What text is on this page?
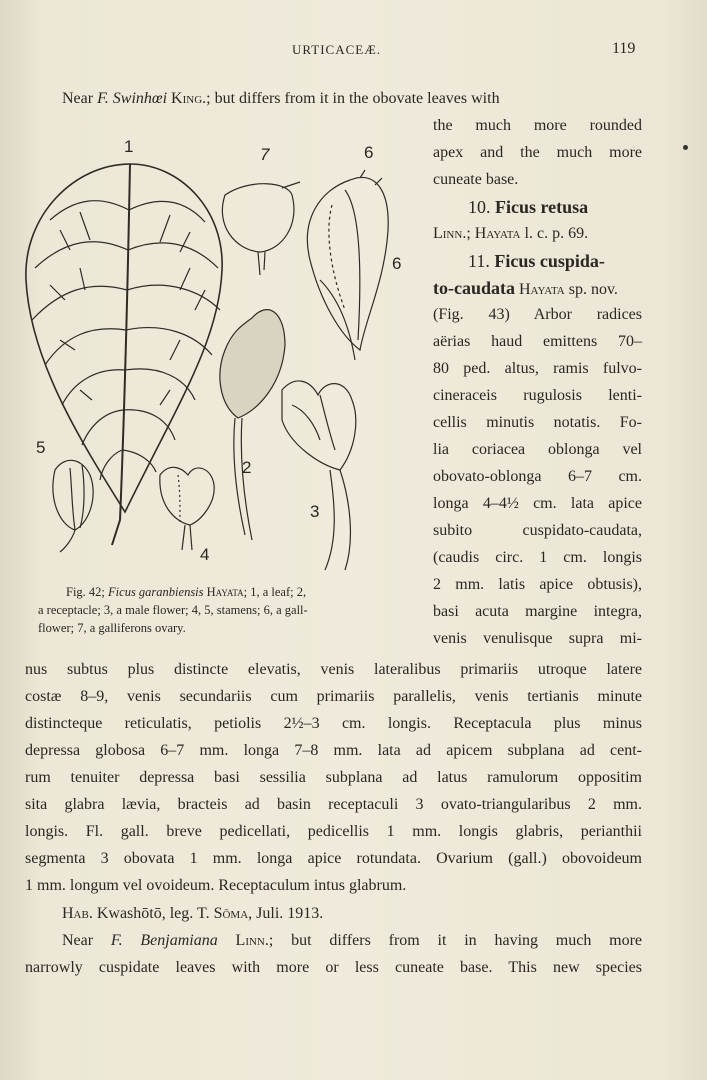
URTICACEÆ.	119
Near F. Swinhœi King.; but differs from it in the obovate leaves with
the much more rounded
apex and the much more
cuneate base.
10. Ficus retusa
Linn.; Hayata l. c. p. 69.
11. Ficus cuspida-
to-caudata Hayata sp. nov.
(Fig. 43) Arbor radices
aërias haud emittens 70–
80 ped. altus, ramis fulvo-
cineraceis rugulosis lenti-
cellis minutis notatis. Fo-
lia coriacea oblonga vel
obovato-oblonga 6–7 cm.
longa 4–4½ cm. lata apice
subito cuspidato-caudata,
(caudis circ. 1 cm. longis
2 mm. latis apice obtusis),
basi acuta margine integra,
venis venulisque supra mi-
nus subtus plus distincte elevatis, venis lateralibus primariis utroque latere
costæ 8–9, venis secundariis cum primariis parallelis, venis tertianis minute
distincteque reticulatis, petiolis 2½–3 cm. longis. Receptacula plus minus
depressa globosa 6–7 mm. longa 7–8 mm. lata ad apicem subplana ad cent-
rum tenuiter depressa basi sessilia subplana ad latus ramulorum oppositim
sita glabra lævia, bracteis ad basin receptaculi 3 ovato-triangularibus 2 mm.
longis. Fl. gall. breve pedicellati, pedicellis 1 mm. longis glabris, perianthii
segmenta 3 obovata 1 mm. longa apice rotundata. Ovarium (gall.) obovoideum
1 mm. longum vel ovoideum. Receptaculum intus glabrum.
Hab. Kwashōtō, leg. T. Sōma, Juli. 1913.
Near F. Benjamiana Linn.; but differs from it in having much more
narrowly cuspidate leaves with more or less cuneate base. This new species
1	7	6
6
5
2
3
4
Fig. 42; Ficus garanbiensis Hayata; 1, a leaf; 2,
a receptacle; 3, a male flower; 4, 5, stamens; 6, a gall-
flower; 7, a galliferons ovary.
